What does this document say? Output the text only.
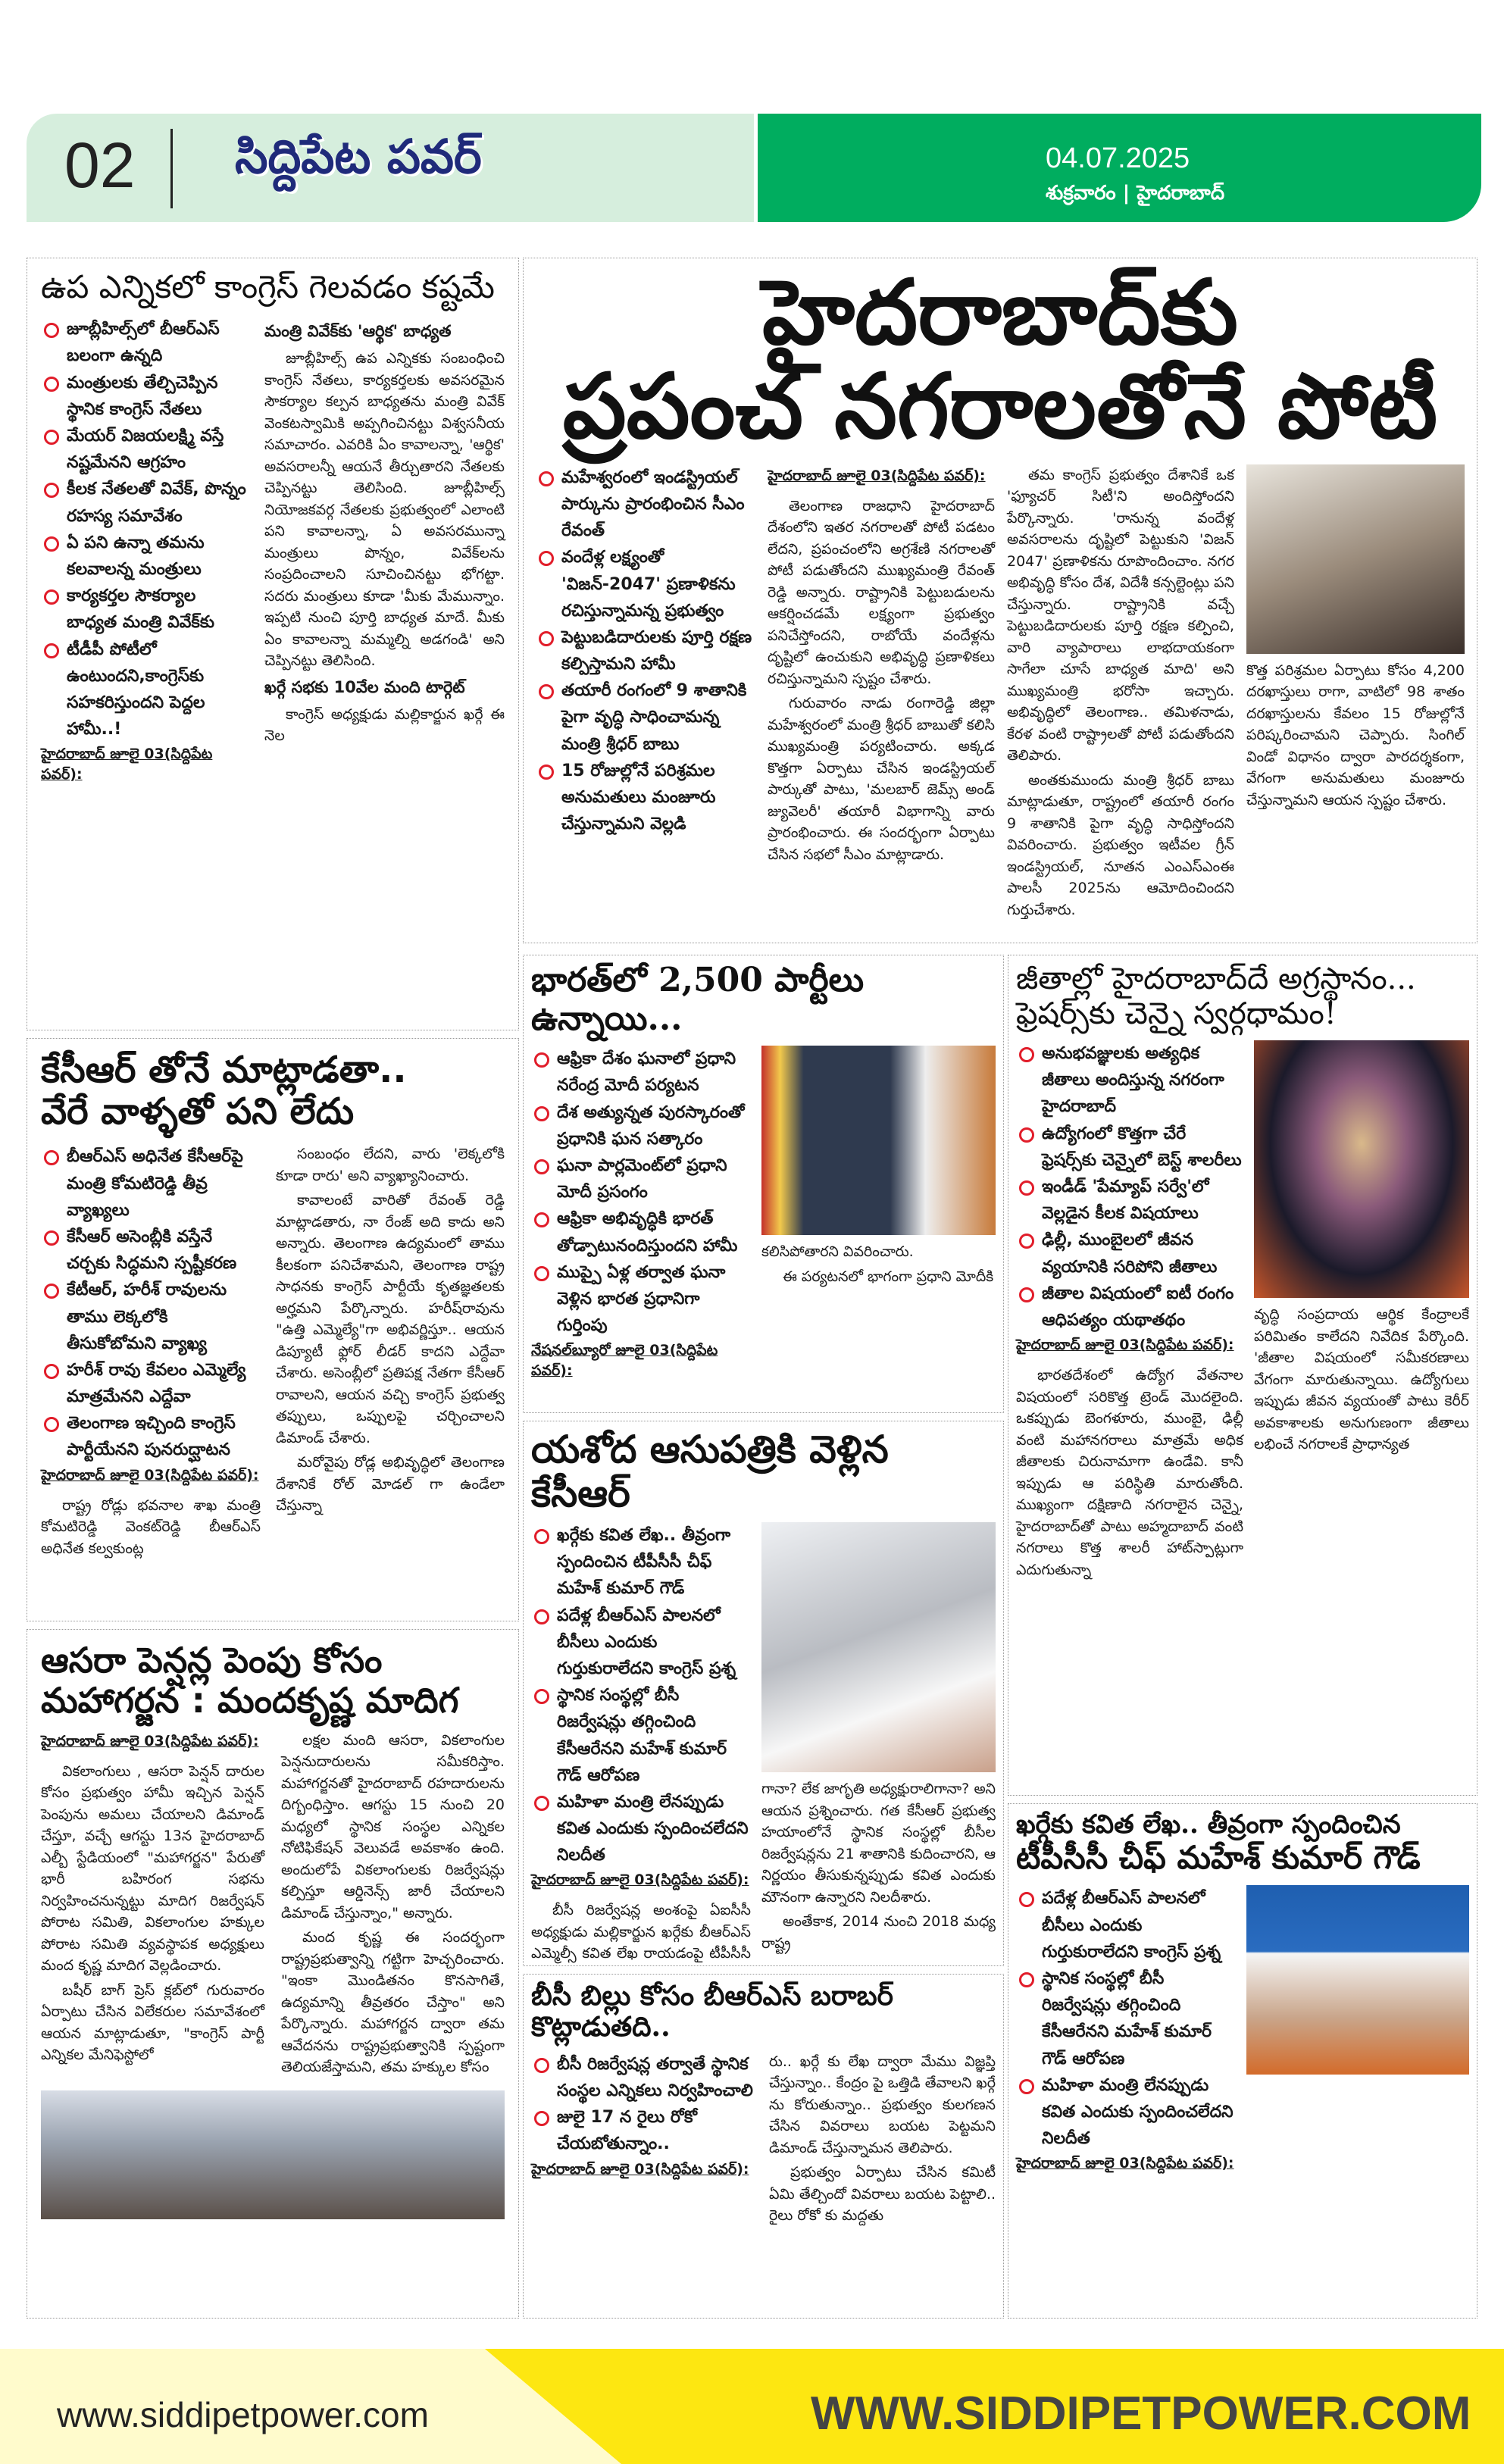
02 సిద్దిపేట పవర్	04.07.2025
శుక్రవారం | హైదరాబాద్
ఉప ఎన్నికలో కాంగ్రెస్ గెలవడం కష్టమే
జూబ్లీహిల్స్‌లో బీఆర్ఎస్ బలంగా ఉన్నది
మంత్రులకు తేల్చిచెప్పిన స్థానిక కాంగ్రెస్ నేతలు
మేయర్ విజయలక్ష్మి వస్తే నష్టమేనని ఆగ్రహం
కీలక నేతలతో వివేక్, పొన్నం రహస్య సమావేశం
ఏ పని ఉన్నా తమను కలవాలన్న మంత్రులు
కార్యకర్తల సౌకర్యాల బాధ్యత మంత్రి వివేక్‌కు
టీడీపీ పోటీలో ఉంటుందని,కాంగ్రెస్‌కు సహకరిస్తుందని పెద్దల హామీ..!
హైదరాబాద్ జూలై 03(సిద్దిపేట పవర్):
మంత్రి వివేక్‌కు 'ఆర్థిక' బాధ్యత

జూబ్లీహిల్స్ ఉప ఎన్నికకు సంబంధించి కాంగ్రెస్ నేతలు, కార్యకర్తలకు అవసరమైన సౌకర్యాల కల్పన బాధ్యతను మంత్రి వివేక్ వెంకటస్వామికి అప్పగించినట్టు విశ్వసనీయ సమాచారం. ఎవరికి ఏం కావాలన్నా, 'ఆర్థిక' అవసరాలన్నీ ఆయనే తీర్చుతారని నేతలకు చెప్పినట్టు తెలిసింది. జూబ్లీహిల్స్ నియోజకవర్గ నేతలకు ప్రభుత్వంలో ఎలాంటి పని కావాలన్నా, ఏ అవసరమున్నా మంత్రులు పొన్నం, వివేక్‌లను సంప్రదించాలని సూచించినట్టు భోగట్టా. సదరు మంత్రులు కూడా 'మీకు మేమున్నాం. ఇప్పటి నుంచి పూర్తి బాధ్యత మాదే. మీకు ఏం కావాలన్నా మమ్మల్ని అడగండి' అని చెప్పినట్టు తెలిసింది.

ఖర్గే సభకు 10వేల మంది టార్గెట్

కాంగ్రెస్ అధ్యక్షుడు మల్లికార్జున ఖర్గే ఈ నెల

కేసీఆర్ తోనే మాట్లాడతా..
వేరే వాళ్ళతో పని లేదు
బీఆర్ఎస్ అధినేత కేసీఆర్‌పై మంత్రి కోమటిరెడ్డి తీవ్ర వ్యాఖ్యలు
కేసీఆర్ అసెంబ్లీకి వస్తేనే చర్చకు సిద్ధమని స్పష్టీకరణ
కేటీఆర్, హరీశ్ రావులను తాము లెక్కలోకి తీసుకోబోమని వ్యాఖ్య
హరీశ్ రావు కేవలం ఎమ్మెల్యే మాత్రమేనని ఎద్దేవా
తెలంగాణ ఇచ్చింది కాంగ్రెస్ పార్టీయేనని పునరుద్ఘాటన
హైదరాబాద్ జూలై 03(సిద్దిపేట పవర్):

రాష్ట్ర రోడ్లు భవనాల శాఖ మంత్రి కోమటిరెడ్డి వెంకట్‌రెడ్డి బీఆర్ఎస్ అధినేత కల్వకుంట్ల

సంబంధం లేదని, వారు 'లెక్కలోకి కూడా రారు' అని వ్యాఖ్యానించారు.

కావాలంటే వారితో రేవంత్ రెడ్డి మాట్లాడతారు, నా రేంజ్ అది కాదు అని అన్నారు. తెలంగాణ ఉద్యమంలో తాము కీలకంగా పనిచేశామని, తెలంగాణ రాష్ట్ర సాధనకు కాంగ్రెస్ పార్టీయే కృతజ్ఞతలకు అర్హమని పేర్కొన్నారు. హరీష్‌రావును "ఉత్తి ఎమ్మెల్యే"గా అభివర్ణిస్తూ.. ఆయన డిప్యూటీ ఫ్లోర్ లీడర్ కాదని ఎద్దేవా చేశారు. అసెంబ్లీలో ప్రతిపక్ష నేతగా కేసీఆర్ రావాలని, ఆయన వచ్చి కాంగ్రెస్ ప్రభుత్వ తప్పులు, ఒప్పులపై చర్చించాలని డిమాండ్ చేశారు.

మరోవైపు రోడ్ల అభివృద్ధిలో తెలంగాణ దేశానికే రోల్ మోడల్ గా ఉండేలా చేస్తున్నా

ఆసరా పెన్షన్ల పెంపు కోసం
మహాగర్జన : మందకృష్ణ మాదిగ
హైదరాబాద్ జూలై 03(సిద్దిపేట పవర్):

వికలాంగులు , ఆసరా పెన్షన్ దారుల కోసం ప్రభుత్వం హామీ ఇచ్చిన పెన్షన్ పెంపును అమలు చేయాలని డిమాండ్ చేస్తూ, వచ్చే ఆగస్టు 13న హైదరాబాద్ ఎల్బీ స్టేడియంలో "మహాగర్జన" పేరుతో భారీ బహిరంగ సభను నిర్వహించనున్నట్టు మాదిగ రిజర్వేషన్ పోరాట సమితి, వికలాంగుల హక్కుల పోరాట సమితి వ్యవస్థాపక అధ్యక్షులు మంద కృష్ణ మాదిగ వెల్లడించారు.

బషీర్ బాగ్ ప్రెస్ క్లబ్‌లో గురువారం ఏర్పాటు చేసిన విలేకరుల సమావేశంలో ఆయన మాట్లాడుతూ, "కాంగ్రెస్ పార్టీ ఎన్నికల మేనిఫెస్టోలో

లక్షల మంది ఆసరా, వికలాంగుల పెన్షనుదారులను సమీకరిస్తాం. మహాగర్జనతో హైదరాబాద్ రహదారులను దిగ్బంధిస్తాం. ఆగస్టు 15 నుంచి 20 మధ్యలో స్థానిక సంస్థల ఎన్నికల నోటిఫికేషన్ వెలువడే అవకాశం ఉంది. అందులోపే వికలాంగులకు రిజర్వేషన్లు కల్పిస్తూ ఆర్డినెన్స్ జారీ చేయాలని డిమాండ్ చేస్తున్నాం," అన్నారు.

మంద కృష్ణ ఈ సందర్భంగా రాష్ట్రప్రభుత్వాన్ని గట్టిగా హెచ్చరించారు. "ఇంకా మొండితనం కొనసాగితే, ఉద్యమాన్ని తీవ్రతరం చేస్తాం" అని పేర్కొన్నారు. మహాగర్జన ద్వారా తమ ఆవేదనను రాష్ట్రప్రభుత్వానికి స్పష్టంగా తెలియజేస్తామని, తమ హక్కుల కోసం

హైదరాబాద్‌కు
ప్రపంచ నగరాలతోనే పోటీ
మహేశ్వరంలో ఇండస్ట్రియల్ పార్కును ప్రారంభించిన సీఎం రేవంత్
వందేళ్ల లక్ష్యంతో 'విజన్-2047' ప్రణాళికను రచిస్తున్నామన్న ప్రభుత్వం
పెట్టుబడిదారులకు పూర్తి రక్షణ కల్పిస్తామని హామీ
తయారీ రంగంలో 9 శాతానికి పైగా వృద్ధి సాధించామన్న మంత్రి శ్రీధర్ బాబు
15 రోజుల్లోనే పరిశ్రమల అనుమతులు మంజూరు చేస్తున్నామని వెల్లడి
హైదరాబాద్ జూలై 03(సిద్దిపేట పవర్):

తెలంగాణ రాజధాని హైదరాబాద్ దేశంలోని ఇతర నగరాలతో పోటీ పడటం లేదని, ప్రపంచంలోని అగ్రశేణి నగరాలతో పోటీ పడుతోందని ముఖ్యమంత్రి రేవంత్ రెడ్డి అన్నారు. రాష్ట్రానికి పెట్టుబడులను ఆకర్షించడమే లక్ష్యంగా ప్రభుత్వం పనిచేస్తోందని, రాబోయే వందేళ్లను దృష్టిలో ఉంచుకుని అభివృద్ధి ప్రణాళికలు రచిస్తున్నామని స్పష్టం చేశారు.

గురువారం నాడు రంగారెడ్డి జిల్లా మహేశ్వరంలో మంత్రి శ్రీధర్ బాబుతో కలిసి ముఖ్యమంత్రి పర్యటించారు. అక్కడ కొత్తగా ఏర్పాటు చేసిన ఇండస్ట్రియల్ పార్కుతో పాటు, 'మలబార్ జెమ్స్ అండ్ జ్యువెలరీ' తయారీ విభాగాన్ని వారు ప్రారంభించారు. ఈ సందర్భంగా ఏర్పాటు చేసిన సభలో సీఎం మాట్లాడారు.

తమ కాంగ్రెస్ ప్రభుత్వం దేశానికే ఒక 'ఫ్యూచర్ సిటీ'ని అందిస్తోందని పేర్కొన్నారు. 'రానున్న వందేళ్ల అవసరాలను దృష్టిలో పెట్టుకుని 'విజన్ 2047' ప్రణాళికను రూపొందించాం. నగర అభివృద్ధి కోసం దేశ, విదేశీ కన్సల్టెంట్లు పని చేస్తున్నారు. రాష్ట్రానికి వచ్చే పెట్టుబడిదారులకు పూర్తి రక్షణ కల్పించి, వారి వ్యాపారాలు లాభదాయకంగా సాగేలా చూసే బాధ్యత మాది' అని ముఖ్యమంత్రి భరోసా ఇచ్చారు. అభివృద్ధిలో తెలంగాణ.. తమిళనాడు, కేరళ వంటి రాష్ట్రాలతో పోటీ పడుతోందని తెలిపారు.

అంతకుముందు మంత్రి శ్రీధర్ బాబు మాట్లాడుతూ, రాష్ట్రంలో తయారీ రంగం 9 శాతానికి పైగా వృద్ధి సాధిస్తోందని వివరించారు. ప్రభుత్వం ఇటీవల గ్రీన్ ఇండస్ట్రియల్, నూతన ఎంఎస్ఎంఈ పాలసీ 2025ను ఆమోదించిందని గుర్తుచేశారు.

కొత్త పరిశ్రమల ఏర్పాటు కోసం 4,200 దరఖాస్తులు రాగా, వాటిలో 98 శాతం దరఖాస్తులను కేవలం 15 రోజుల్లోనే పరిష్కరించామని చెప్పారు. సింగిల్ విండో విధానం ద్వారా పారదర్శకంగా, వేగంగా అనుమతులు మంజూరు చేస్తున్నామని ఆయన స్పష్టం చేశారు.

భారత్‌లో 2,500 పార్టీలు ఉన్నాయి...
ఆఫ్రికా దేశం ఘనాలో ప్రధాని నరేంద్ర మోదీ పర్యటన
దేశ అత్యున్నత పురస్కారంతో ప్రధానికి ఘన సత్కారం
ఘనా పార్లమెంట్‌లో ప్రధాని మోదీ ప్రసంగం
ఆఫ్రికా అభివృద్ధికి భారత్ తోడ్పాటునందిస్తుందని హామీ
ముప్పై ఏళ్ల తర్వాత ఘనా వెళ్లిన భారత ప్రధానిగా గుర్తింపు
నేషనల్‌బ్యూరో జూలై 03(సిద్దిపేట పవర్):

కలిసిపోతారని వివరించారు.

ఈ పర్యటనలో భాగంగా ప్రధాని మోదీకి

జీతాల్లో హైదరాబాద్‌దే అగ్రస్థానం...
ఫ్రెషర్స్‌కు చెన్నై స్వర్గధామం!
అనుభవజ్ఞులకు అత్యధిక జీతాలు అందిస్తున్న నగరంగా హైదరాబాద్
ఉద్యోగంలో కొత్తగా చేరే ఫ్రెషర్స్‌కు చెన్నైలో బెస్ట్ శాలరీలు
ఇండీడ్ 'పేమ్యాప్ సర్వే'లో వెల్లడైన కీలక విషయాలు
ఢిల్లీ, ముంబైలలో జీవన వ్యయానికి సరిపోని జీతాలు
జీతాల విషయంలో ఐటీ రంగం ఆధిపత్యం యథాతథం
హైదరాబాద్ జూలై 03(సిద్దిపేట పవర్):

భారతదేశంలో ఉద్యోగ వేతనాల విషయంలో సరికొత్త ట్రెండ్ మొదలైంది. ఒకప్పుడు బెంగళూరు, ముంబై, ఢిల్లీ వంటి మహానగరాలు మాత్రమే అధిక జీతాలకు చిరునామాగా ఉండేవి. కానీ ఇప్పుడు ఆ పరిస్థితి మారుతోంది. ముఖ్యంగా దక్షిణాది నగరాలైన చెన్నై, హైదరాబాద్‌తో పాటు అహ్మదాబాద్ వంటి నగరాలు కొత్త శాలరీ హాట్‌స్పాట్లుగా ఎదుగుతున్నా

వృద్ధి సంప్రదాయ ఆర్థిక కేంద్రాలకే పరిమితం కాలేదని నివేదిక పేర్కొంది. 'జీతాల విషయంలో సమీకరణాలు వేగంగా మారుతున్నాయి. ఉద్యోగులు ఇప్పుడు జీవన వ్యయంతో పాటు కెరీర్ అవకాశాలకు అనుగుణంగా జీతాలు లభించే నగరాలకే ప్రాధాన్యత

యశోద ఆసుపత్రికి వెళ్లిన కేసీఆర్
ఖర్గేకు కవిత లేఖ.. తీవ్రంగా స్పందించిన టీపీసీసీ చీఫ్ మహేశ్ కుమార్ గౌడ్
పదేళ్ల బీఆర్ఎస్ పాలనలో బీసీలు ఎందుకు గుర్తుకురాలేదని కాంగ్రెస్ ప్రశ్న
స్థానిక సంస్థల్లో బీసీ రిజర్వేషన్లు తగ్గించింది కేసీఆరేనని మహేశ్ కుమార్ గౌడ్ ఆరోపణ
మహిళా మంత్రి లేనప్పుడు కవిత ఎందుకు స్పందించలేదని నిలదీత
హైదరాబాద్ జూలై 03(సిద్దిపేట పవర్):

బీసీ రిజర్వేషన్ల అంశంపై ఏఐసీసీ అధ్యక్షుడు మల్లికార్జున ఖర్గేకు బీఆర్ఎస్ ఎమ్మెల్సీ కవిత లేఖ రాయడంపై టీపీసీసీ

గానా? లేక జాగృతి అధ్యక్షురాలిగానా? అని ఆయన ప్రశ్నించారు. గత కేసీఆర్ ప్రభుత్వ హయాంలోనే స్థానిక సంస్థల్లో బీసీల రిజర్వేషన్లను 21 శాతానికి కుదించారని, ఆ నిర్ణయం తీసుకున్నప్పుడు కవిత ఎందుకు మౌనంగా ఉన్నారని నిలదీశారు.

అంతేకాక, 2014 నుంచి 2018 మధ్య రాష్ట్ర

బీసీ బిల్లు కోసం బీఆర్ఎస్ బరాబర్ కొట్లాడుతది..
బీసీ రిజర్వేషన్ల తర్వాతే స్థానిక సంస్థల ఎన్నికలు నిర్వహించాలి
జులై 17 న రైలు రోకో చేయబోతున్నాం..
హైదరాబాద్ జూలై 03(సిద్దిపేట పవర్):

రు.. ఖర్గే కు లేఖ ద్వారా మేము విజ్ఞప్తి చేస్తున్నాం.. కేంద్రం పై ఒత్తిడి తేవాలని ఖర్గే ను కోరుతున్నాం.. ప్రభుత్వం కులగణన చేసిన వివరాలు బయట పెట్టమని డిమాండ్ చేస్తున్నామన తెలిపారు.

ప్రభుత్వం ఏర్పాటు చేసిన కమిటీ ఏమి తేల్చిందో వివరాలు బయట పెట్టాలి.. రైలు రోకో కు మద్దతు

ఖర్గేకు కవిత లేఖ.. తీవ్రంగా స్పందించిన
టీపీసీసీ చీఫ్ మహేశ్ కుమార్ గౌడ్
పదేళ్ల బీఆర్ఎస్ పాలనలో బీసీలు ఎందుకు గుర్తుకురాలేదని కాంగ్రెస్ ప్రశ్న
స్థానిక సంస్థల్లో బీసీ రిజర్వేషన్లు తగ్గించింది కేసీఆరేనని మహేశ్ కుమార్ గౌడ్ ఆరోపణ
మహిళా మంత్రి లేనప్పుడు కవిత ఎందుకు స్పందించలేదని నిలదీత
హైదరాబాద్ జూలై 03(సిద్దిపేట పవర్):
www.siddipetpower.com	WWW.SIDDIPETPOWER.COM
